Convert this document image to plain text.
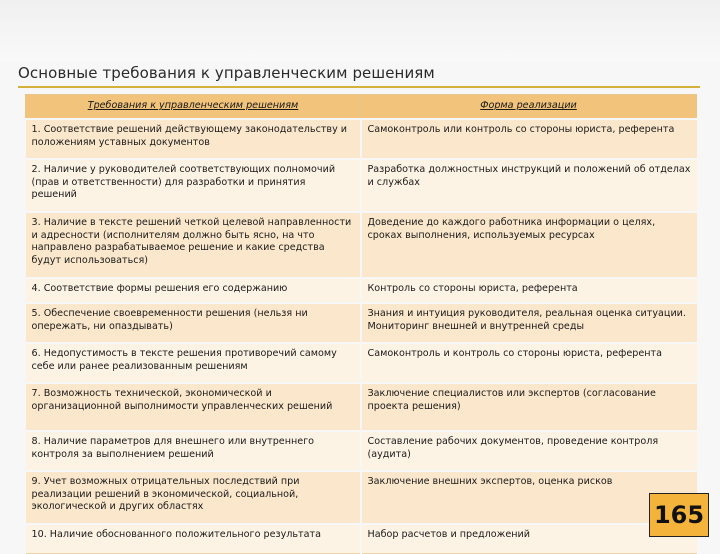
Основные требования к управленческим решениям
Требования к управленческим решениям	Форма реализации
1. Соответствие решений действующему законодательству и положениям уставных документов	Самоконтроль или контроль со стороны юриста, референта
2. Наличие у руководителей соответствующих полномочий (прав и ответственности) для разработки и принятия решений	Разработка должностных инструкций и положений об отделах и службах
3. Наличие в тексте решений четкой целевой направленности и адресности (исполнителям должно быть ясно, на что направлено разрабатываемое решение и какие средства будут использоваться)	Доведение до каждого работника информации о целях, сроках выполнения, используемых ресурсах
4. Соответствие формы решения его содержанию	Контроль со стороны юриста, референта
5. Обеспечение своевременности решения (нельзя ни опережать, ни опаздывать)	Знания и интуиция руководителя, реальная оценка ситуации. Мониторинг внешней и внутренней среды
6. Недопустимость в тексте решения противоречий самому себе или ранее реализованным решениям	Самоконтроль и контроль со стороны юриста, референта
7. Возможность технической, экономической и организационной выполнимости управленческих решений	Заключение специалистов или экспертов (согласование проекта решения)
8. Наличие параметров для внешнего или внутреннего контроля за выполнением решений	Составление рабочих документов, проведение контроля (аудита)
9. Учет возможных отрицательных последствий при реализации решений в экономической, социальной, экологической и других областях	Заключение внешних экспертов, оценка рисков
10. Наличие обоснованного положительного результата	Набор расчетов и предложений
165
